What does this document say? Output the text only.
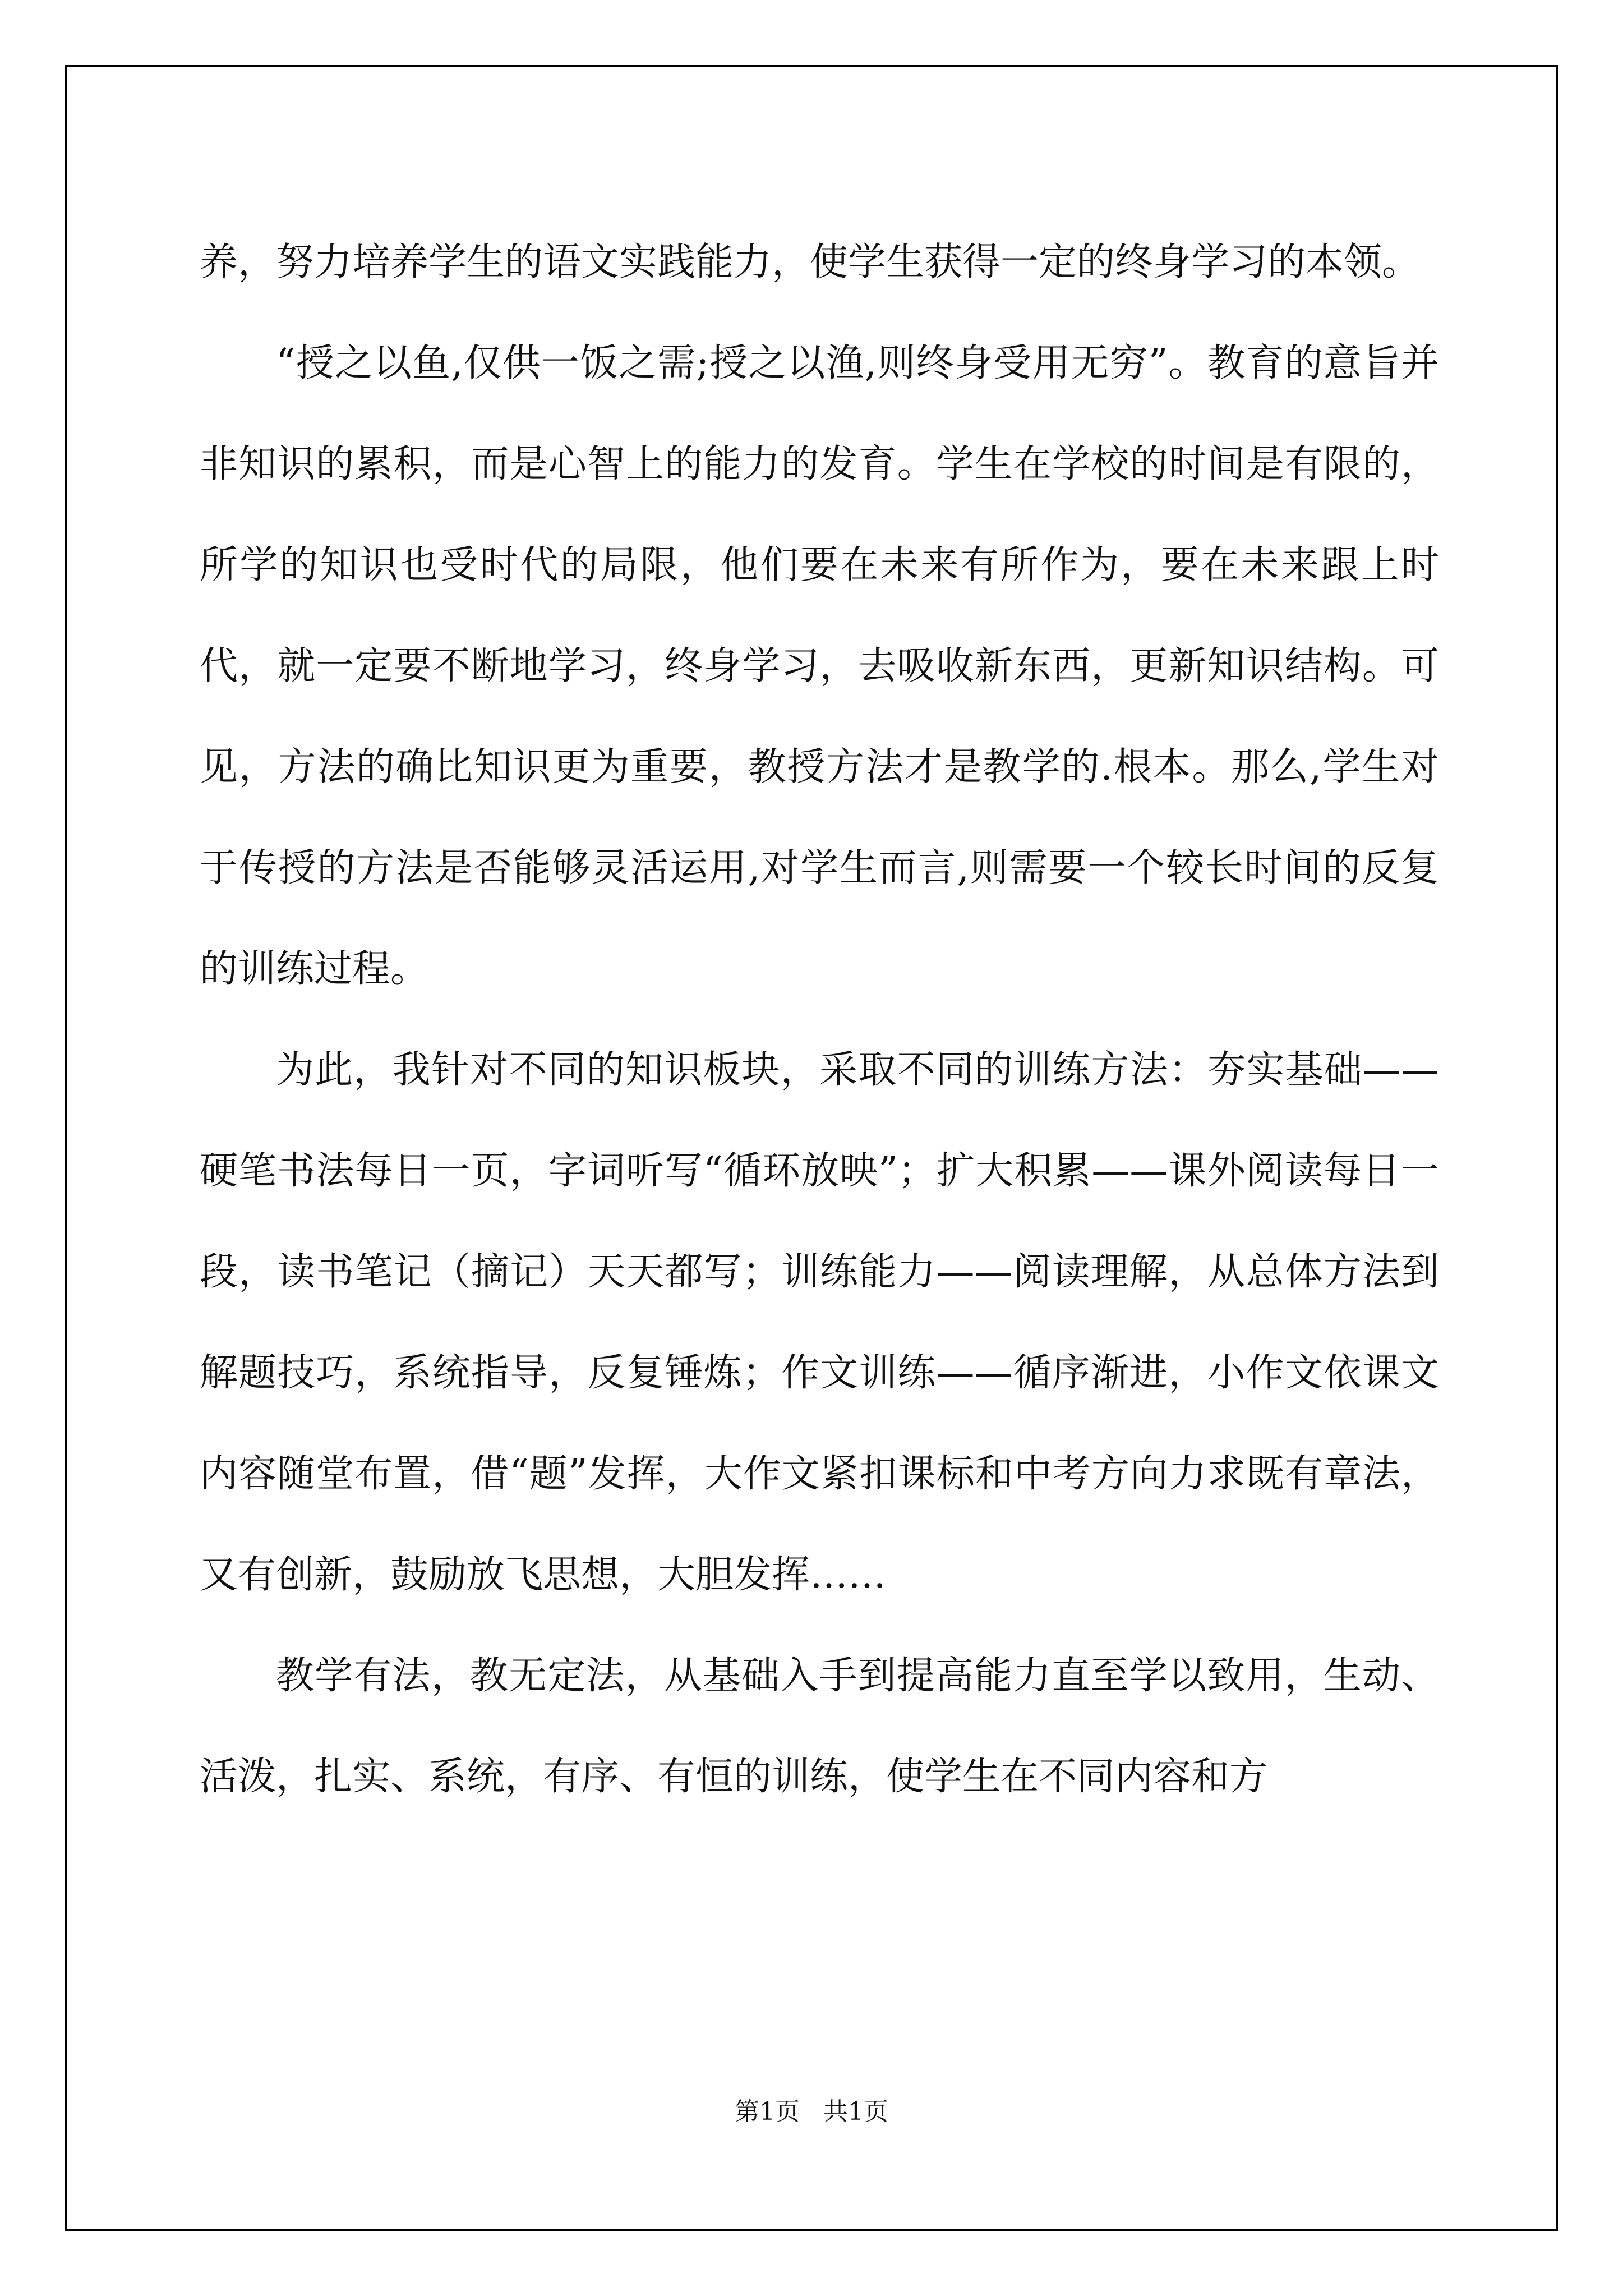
养，努力培养学生的语文实践能力，使学生获得一定的终身学习的本领。

“授之以鱼,仅供一饭之需;授之以渔,则终身受用无穷”。教育的意旨并非知识的累积，而是心智上的能力的发育。学生在学校的时间是有限的，所学的知识也受时代的局限，他们要在未来有所作为，要在未来跟上时代，就一定要不断地学习，终身学习，去吸收新东西，更新知识结构。可见，方法的确比知识更为重要，教授方法才是教学的.根本。那么,学生对于传授的方法是否能够灵活运用,对学生而言,则需要一个较长时间的反复的训练过程。

为此，我针对不同的知识板块，采取不同的训练方法：夯实基础——硬笔书法每日一页，字词听写“循环放映”；扩大积累——课外阅读每日一段，读书笔记（摘记）天天都写；训练能力——阅读理解，从总体方法到解题技巧，系统指导，反复锤炼；作文训练——循序渐进，小作文依课文内容随堂布置，借“题”发挥，大作文紧扣课标和中考方向力求既有章法，又有创新，鼓励放飞思想，大胆发挥……

教学有法，教无定法，从基础入手到提高能力直至学以致用，生动、活泼，扎实、系统，有序、有恒的训练，使学生在不同内容和方

第1页   共1页
